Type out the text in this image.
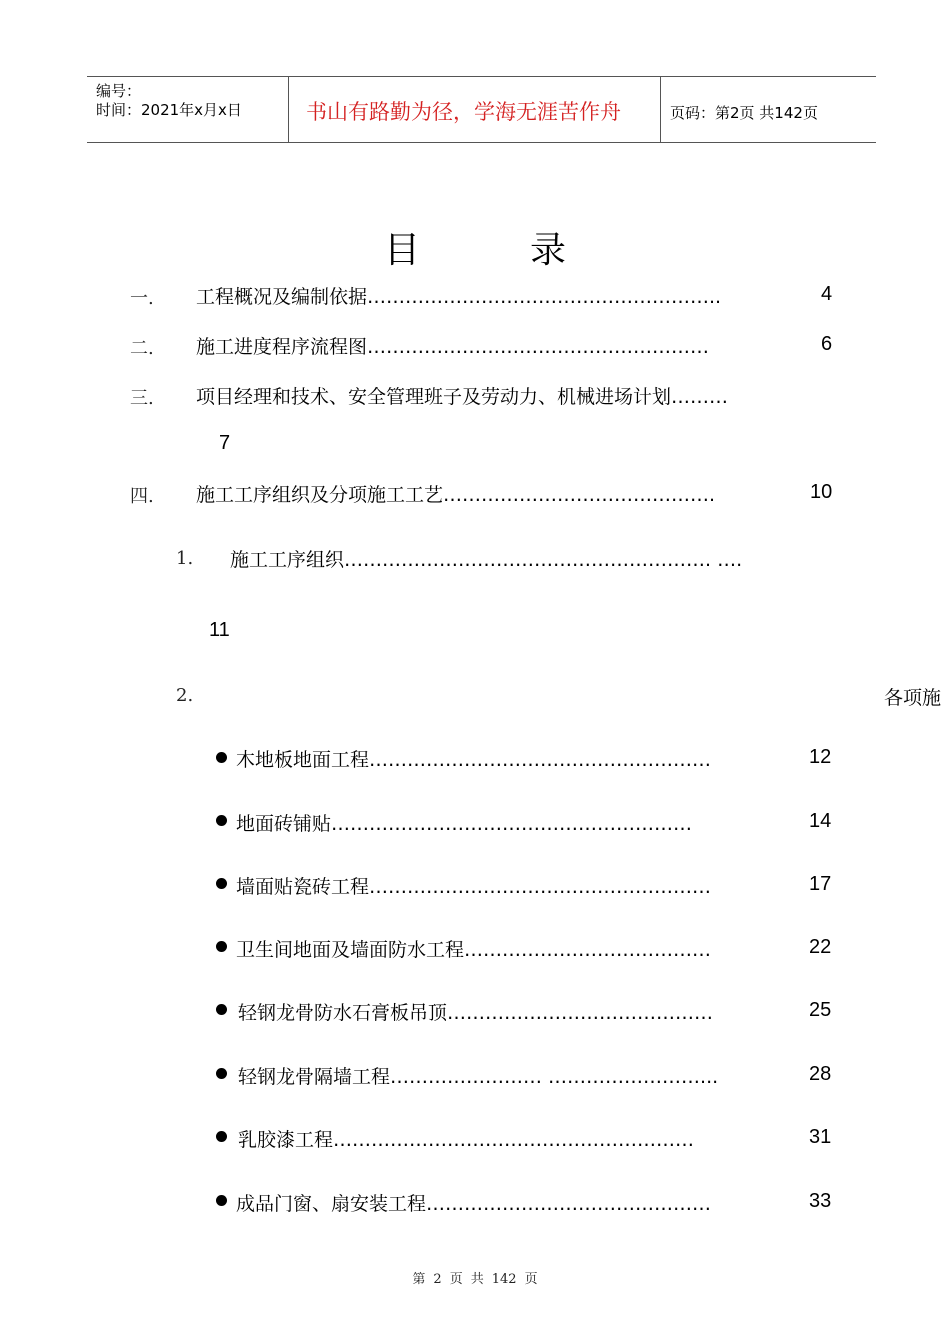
编号：
时间：2021年x月x日	书山有路勤为径，学海无涯苦作舟	页码：第2页 共142页
目录
一. 工程概况及编制依据………………………………………………..	4
二. 施工进度程序流程图………………………………………………	6
三. 项目经理和技术、安全管理班子及劳动力、机械进场计划………
7
四. 施工工序组织及分项施工工艺…………………………………….	10
1. 施工工序组织…………………………………………………. ….
11
2.	各项施
木地板地面工程………………………………………………	12
地面砖铺贴…………………………………………………	14
墙面贴瓷砖工程………………………………………………	17
卫生间地面及墙面防水工程…………………………………	22
轻钢龙骨防水石膏板吊顶……………………………………	25
轻钢龙骨隔墙工程…………………… ……………………...	28
乳胶漆工程…………………………………………………	31
成品门窗、扇安装工程………………………………………	33
第 2 页 共 142 页
